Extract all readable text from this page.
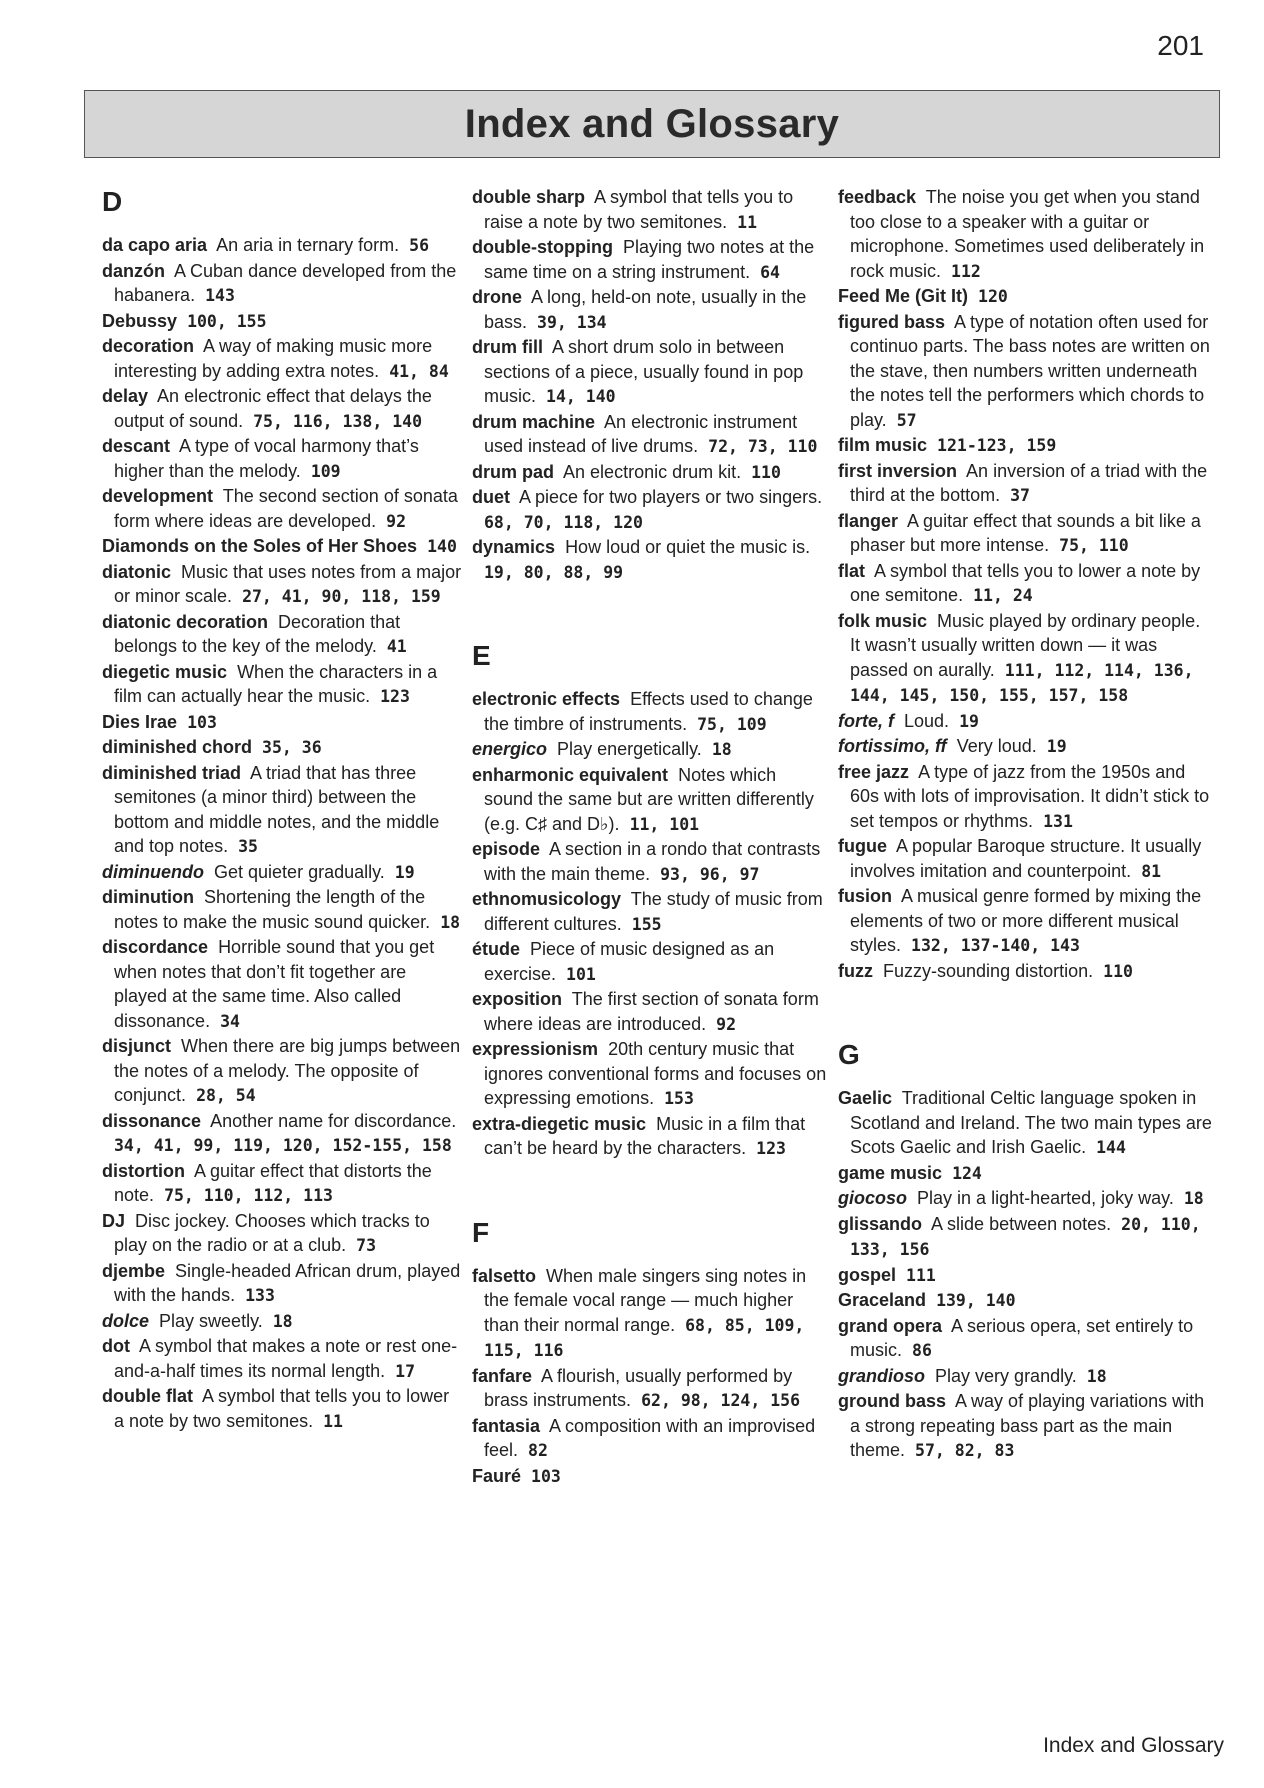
201
Index and Glossary
D

da capo aria An aria in ternary form. 56

danzón A Cuban dance developed from the habanera. 143

Debussy 100, 155

decoration A way of making music more interesting by adding extra notes. 41, 84

delay An electronic effect that delays the output of sound. 75, 116, 138, 140

descant A type of vocal harmony that’s higher than the melody. 109

development The second section of sonata form where ideas are developed. 92

Diamonds on the Soles of Her Shoes 140

diatonic Music that uses notes from a major or minor scale. 27, 41, 90, 118, 159

diatonic decoration Decoration that belongs to the key of the melody. 41

diegetic music When the characters in a film can actually hear the music. 123

Dies Irae 103

diminished chord 35, 36

diminished triad A triad that has three semitones (a minor third) between the bottom and middle notes, and the middle and top notes. 35

diminuendo Get quieter gradually. 19

diminution Shortening the length of the notes to make the music sound quicker. 18

discordance Horrible sound that you get when notes that don’t fit together are played at the same time. Also called dissonance. 34

disjunct When there are big jumps between the notes of a melody. The opposite of conjunct. 28, 54

dissonance Another name for discordance.  34, 41, 99, 119, 120, 152-155, 158

distortion A guitar effect that distorts the note. 75, 110, 112, 113

DJ Disc jockey. Chooses which tracks to play on the radio or at a club. 73

djembe Single-headed African drum, played with the hands. 133

dolce Play sweetly. 18

dot A symbol that makes a note or rest one-and-a-half times its normal length. 17

double flat A symbol that tells you to lower a note by two semitones. 11

double sharp A symbol that tells you to raise a note by two semitones. 11

double-stopping Playing two notes at the same time on a string instrument. 64

drone A long, held-on note, usually in the bass. 39, 134

drum fill A short drum solo in between sections of a piece, usually found in pop music. 14, 140

drum machine An electronic instrument used instead of live drums. 72, 73, 110

drum pad An electronic drum kit. 110

duet A piece for two players or two singers.  68, 70, 118, 120

dynamics How loud or quiet the music is.  19, 80, 88, 99

E

electronic effects Effects used to change the timbre of instruments. 75, 109

energico Play energetically. 18

enharmonic equivalent Notes which sound the same but are written differently (e.g. C♯ and D♭). 11, 101

episode A section in a rondo that contrasts with the main theme. 93, 96, 97

ethnomusicology The study of music from different cultures. 155

étude Piece of music designed as an exercise. 101

exposition The first section of sonata form where ideas are introduced. 92

expressionism 20th century music that ignores conventional forms and focuses on expressing emotions. 153

extra-diegetic music Music in a film that can’t be heard by the characters. 123

F

falsetto When male singers sing notes in the female vocal range — much higher than their normal range. 68, 85, 109, 115, 116

fanfare A flourish, usually performed by brass instruments. 62, 98, 124, 156

fantasia A composition with an improvised feel. 82

Fauré 103

feedback The noise you get when you stand too close to a speaker with a guitar or microphone. Sometimes used deliberately in rock music. 112

Feed Me (Git It) 120

figured bass A type of notation often used for continuo parts. The bass notes are written on the stave, then numbers written underneath the notes tell the performers which chords to play. 57

film music 121-123, 159

first inversion An inversion of a triad with the third at the bottom. 37

flanger A guitar effect that sounds a bit like a phaser but more intense. 75, 110

flat A symbol that tells you to lower a note by one semitone. 11, 24

folk music Music played by ordinary people. It wasn’t usually written down — it was passed on aurally. 111, 112, 114, 136, 144, 145, 150, 155, 157, 158

forte, f Loud. 19

fortissimo, ff Very loud. 19

free jazz A type of jazz from the 1950s and 60s with lots of improvisation. It didn’t stick to set tempos or rhythms. 131

fugue A popular Baroque structure. It usually involves imitation and counterpoint. 81

fusion A musical genre formed by mixing the elements of two or more different musical styles. 132, 137-140, 143

fuzz Fuzzy-sounding distortion. 110

G

Gaelic Traditional Celtic language spoken in Scotland and Ireland. The two main types are Scots Gaelic and Irish Gaelic. 144

game music 124

giocoso Play in a light-hearted, joky way. 18

glissando A slide between notes. 20, 110, 133, 156

gospel 111

Graceland 139, 140

grand opera A serious opera, set entirely to music. 86

grandioso Play very grandly. 18

ground bass A way of playing variations with a strong repeating bass part as the main theme. 57, 82, 83

Index and Glossary
